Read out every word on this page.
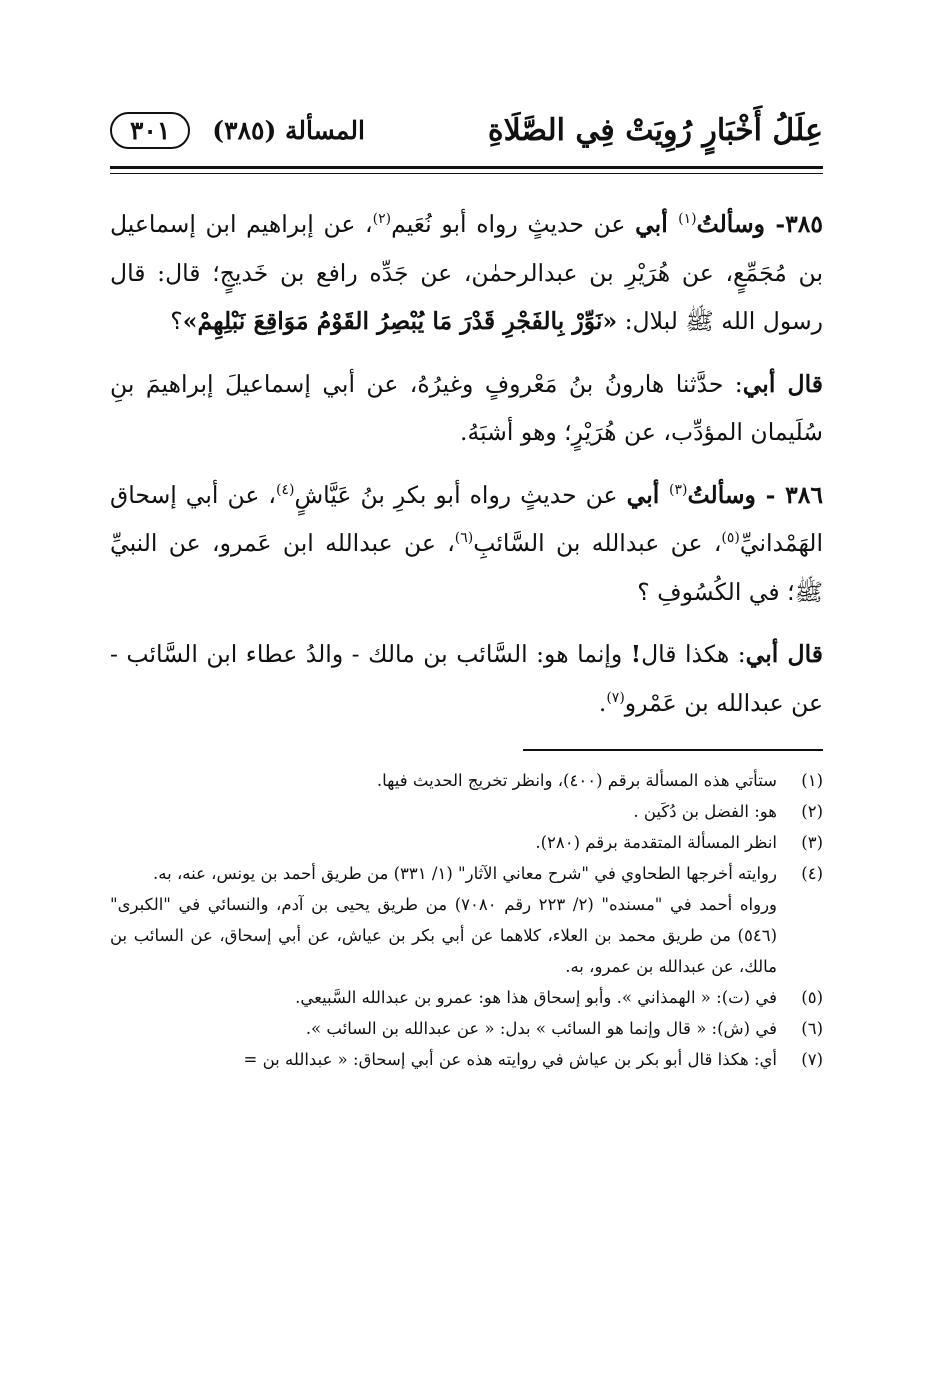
عِلَلُ أَخْبَارٍ رُوِيَتْ فِي الصَّلَاةِ
المسألة (٣٨٥)
٣٠١

٣٨٥- وسألتُ$^{(١)}$ أبي عن حديثٍ رواه أبو نُعَيم$^{(٢)}$، عن إبراهيم ابن إسماعيل بن مُجَمِّعٍ، عن هُرَيْرِ بن عبدالرحمٰن، عن جَدِّه رافع بن خَديجٍ؛ قال: قال رسول الله ﷺ لبلال: «نَوِّرْ بِالفَجْرِ قَدْرَ مَا يُبْصِرُ القَوْمُ مَوَاقِعَ نَبْلِهِمْ»؟

قال أبي: حدَّثنا هارونُ بنُ مَعْروفٍ وغيرُهُ، عن أبي إسماعيلَ إبراهيمَ بنِ سُلَيمان المؤدِّب، عن هُرَيْرٍ؛ وهو أشبَهُ.

٣٨٦ - وسألتُ$^{(٣)}$ أبي عن حديثٍ رواه أبو بكرِ بنُ عَيَّاشٍ$^{(٤)}$، عن أبي إسحاق الهَمْدانيِّ$^{(٥)}$، عن عبدالله بن السَّائبِ$^{(٦)}$، عن عبدالله ابن عَمرو، عن النبيِّ ﷺ؛ في الكُسُوفِ ؟

قال أبي: هكذا قال! وإنما هو: السَّائب بن مالك - والدُ عطاء ابن السَّائب - عن عبدالله بن عَمْرو$^{(٧)}$.

(١)
ستأتي هذه المسألة برقم (٤٠٠)، وانظر تخريج الحديث فيها.
(٢)
هو: الفضل بن دُكَين .
(٣)
انظر المسألة المتقدمة برقم (٢٨٠).
(٤)
روايته أخرجها الطحاوي في "شرح معاني الآثار" (١/ ٣٣١) من طريق أحمد بن يونس، عنه، به.
ورواه أحمد في "مسنده" (٢/ ٢٢٣ رقم ٧٠٨٠) من طريق يحيى بن آدم، والنسائي في "الكبرى" (٥٤٦) من طريق محمد بن العلاء، كلاهما عن أبي بكر بن عياش، عن أبي إسحاق، عن السائب بن مالك، عن عبدالله بن عمرو، به.
(٥)
في (ت): « الهمذاني ». وأبو إسحاق هذا هو: عمرو بن عبدالله السَّبيعي.
(٦)
في (ش): « قال وإنما هو السائب » بدل: « عن عبدالله بن السائب ».
(٧)
أي: هكذا قال أبو بكر بن عياش في روايته هذه عن أبي إسحاق: « عبدالله بن =
